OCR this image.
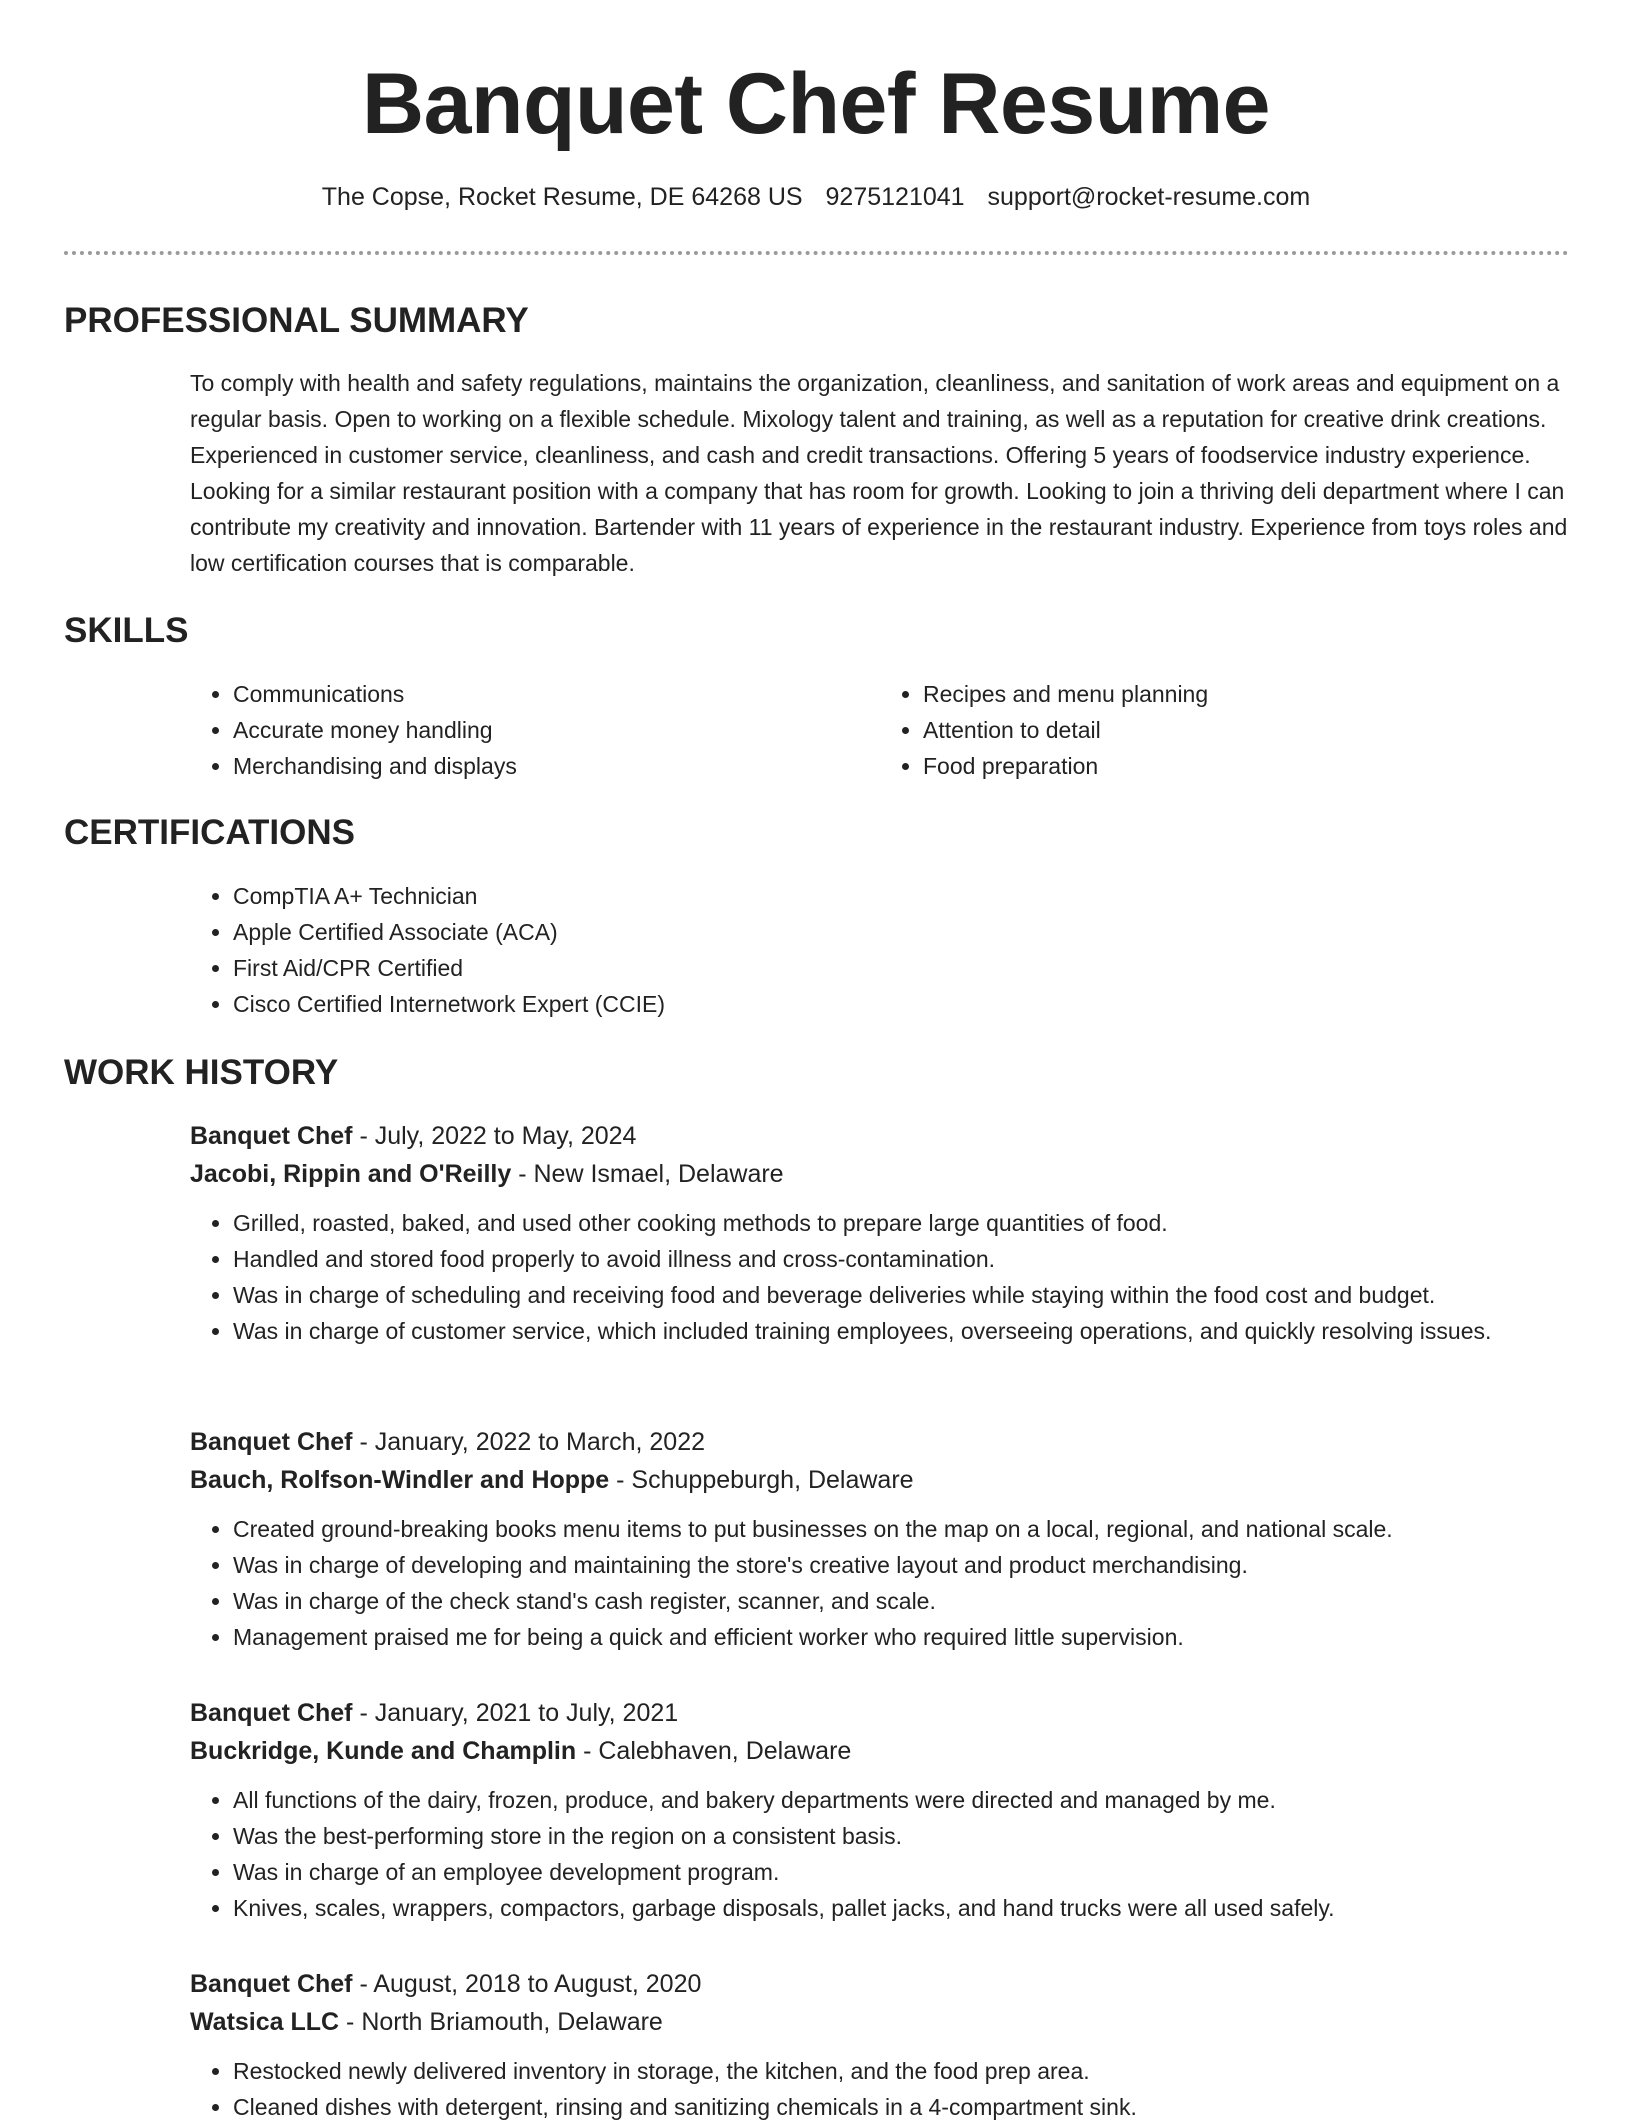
Banquet Chef Resume
The Copse, Rocket Resume, DE 64268 US 9275121041 support@rocket-resume.com
PROFESSIONAL SUMMARY

To comply with health and safety regulations, maintains the organization, cleanliness, and sanitation of work areas and equipment on a regular basis. Open to working on a flexible schedule. Mixology talent and training, as well as a reputation for creative drink creations. Experienced in customer service, cleanliness, and cash and credit transactions. Offering 5 years of foodservice industry experience. Looking for a similar restaurant position with a company that has room for growth. Looking to join a thriving deli department where I can contribute my creativity and innovation. Bartender with 11 years of experience in the restaurant industry. Experience from toys roles and low certification courses that is comparable.

SKILLS
• Communications
• Accurate money handling
• Merchandising and displays
• Recipes and menu planning
• Attention to detail
• Food preparation
CERTIFICATIONS
• CompTIA A+ Technician
• Apple Certified Associate (ACA)
• First Aid/CPR Certified
• Cisco Certified Internetwork Expert (CCIE)
WORK HISTORY
Banquet Chef - July, 2022 to May, 2024
Jacobi, Rippin and O'Reilly - New Ismael, Delaware
• Grilled, roasted, baked, and used other cooking methods to prepare large quantities of food.
• Handled and stored food properly to avoid illness and cross-contamination.
• Was in charge of scheduling and receiving food and beverage deliveries while staying within the food cost and budget.
• Was in charge of customer service, which included training employees, overseeing operations, and quickly resolving issues.
Banquet Chef - January, 2022 to March, 2022
Bauch, Rolfson-Windler and Hoppe - Schuppeburgh, Delaware
• Created ground-breaking books menu items to put businesses on the map on a local, regional, and national scale.
• Was in charge of developing and maintaining the store's creative layout and product merchandising.
• Was in charge of the check stand's cash register, scanner, and scale.
• Management praised me for being a quick and efficient worker who required little supervision.
Banquet Chef - January, 2021 to July, 2021
Buckridge, Kunde and Champlin - Calebhaven, Delaware
• All functions of the dairy, frozen, produce, and bakery departments were directed and managed by me.
• Was the best-performing store in the region on a consistent basis.
• Was in charge of an employee development program.
• Knives, scales, wrappers, compactors, garbage disposals, pallet jacks, and hand trucks were all used safely.
Banquet Chef - August, 2018 to August, 2020
Watsica LLC - North Briamouth, Delaware
• Restocked newly delivered inventory in storage, the kitchen, and the food prep area.
• Cleaned dishes with detergent, rinsing and sanitizing chemicals in a 4-compartment sink.
